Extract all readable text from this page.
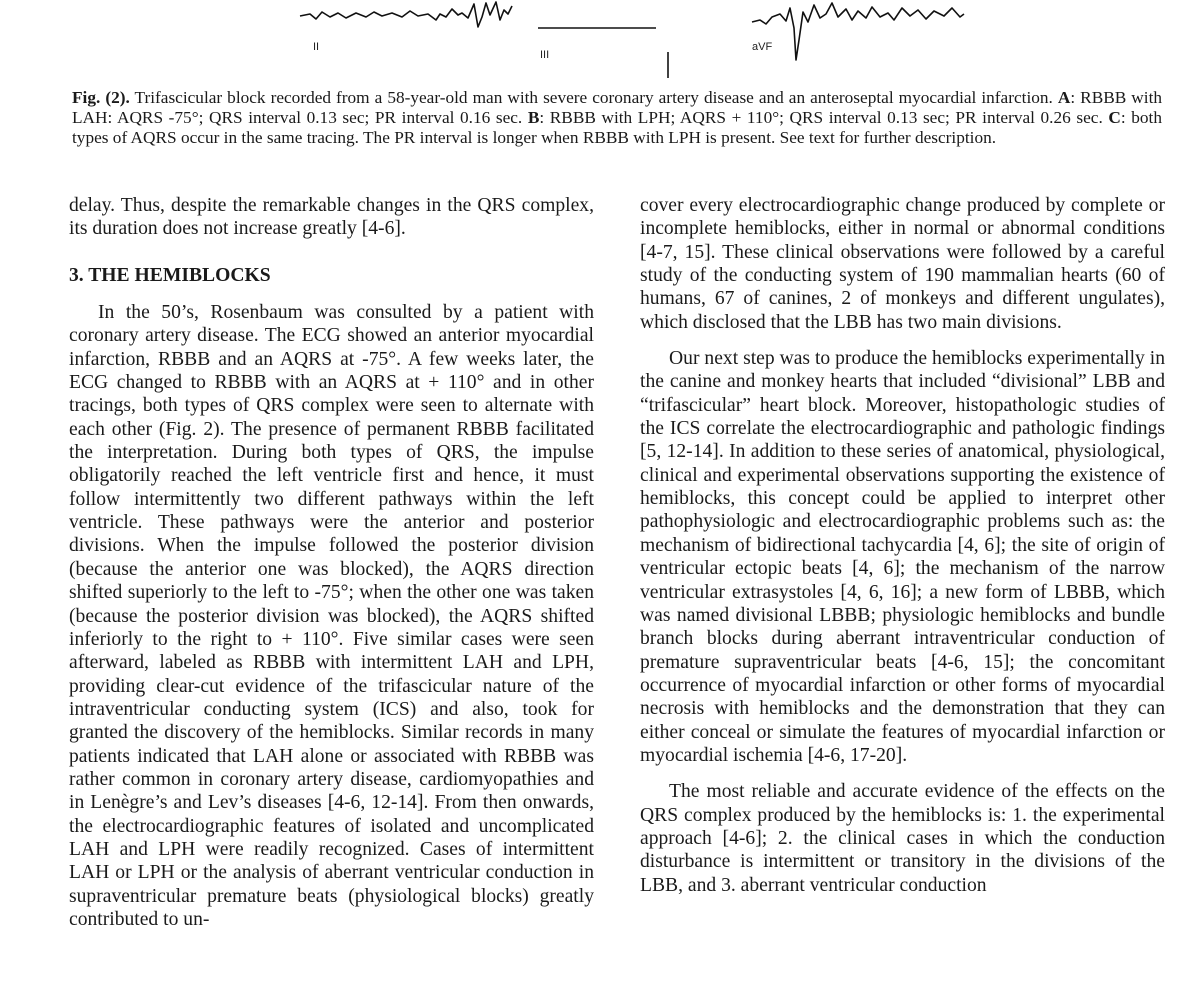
II
III
aVF
Fig. (2). Trifascicular block recorded from a 58-year-old man with severe coronary artery disease and an anteroseptal myocardial infarction. A: RBBB with LAH: AQRS -75°; QRS interval 0.13 sec; PR interval 0.16 sec. B: RBBB with LPH; AQRS + 110°; QRS interval 0.13 sec; PR interval 0.26 sec. C: both types of AQRS occur in the same tracing. The PR interval is longer when RBBB with LPH is present. See text for further description.

delay. Thus, despite the remarkable changes in the QRS complex, its duration does not increase greatly [4-6].

3. THE HEMIBLOCKS

In the 50’s, Rosenbaum was consulted by a patient with coronary artery disease. The ECG showed an anterior myocardial infarction, RBBB and an AQRS at -75°. A few weeks later, the ECG changed to RBBB with an AQRS at + 110° and in other tracings, both types of QRS complex were seen to alternate with each other (Fig. 2). The presence of permanent RBBB facilitated the interpretation. During both types of QRS, the impulse obligatorily reached the left ventricle first and hence, it must follow intermittently two different pathways within the left ventricle. These pathways were the anterior and posterior divisions. When the impulse followed the posterior division (because the anterior one was blocked), the AQRS direction shifted superiorly to the left to -75°; when the other one was taken (because the posterior division was blocked), the AQRS shifted inferiorly to the right to + 110°. Five similar cases were seen afterward, labeled as RBBB with intermittent LAH and LPH, providing clear-cut evidence of the trifascicular nature of the intraventricular conducting system (ICS) and also, took for granted the discovery of the hemiblocks. Similar records in many patients indicated that LAH alone or associated with RBBB was rather common in coronary artery disease, cardiomyopathies and in Lenègre’s and Lev’s diseases [4-6, 12-14]. From then onwards, the electrocardiographic features of isolated and uncomplicated LAH and LPH were readily recognized. Cases of intermittent LAH or LPH or the analysis of aberrant ventricular conduction in supraventricular premature beats (physiological blocks) greatly contributed to un-

cover every electrocardiographic change produced by complete or incomplete hemiblocks, either in normal or abnormal conditions [4-7, 15]. These clinical observations were followed by a careful study of the conducting system of 190 mammalian hearts (60 of humans, 67 of canines, 2 of monkeys and different ungulates), which disclosed that the LBB has two main divisions.

Our next step was to produce the hemiblocks experimentally in the canine and monkey hearts that included “divisional” LBB and “trifascicular” heart block. Moreover, histopathologic studies of the ICS correlate the electrocardiographic and pathologic findings [5, 12-14]. In addition to these series of anatomical, physiological, clinical and experimental observations supporting the existence of hemiblocks, this concept could be applied to interpret other pathophysiologic and electrocardiographic problems such as: the mechanism of bidirectional tachycardia [4, 6]; the site of origin of ventricular ectopic beats [4, 6]; the mechanism of the narrow ventricular extrasystoles [4, 6, 16]; a new form of LBBB, which was named divisional LBBB; physiologic hemiblocks and bundle branch blocks during aberrant intraventricular conduction of premature supraventricular beats [4-6, 15]; the concomitant occurrence of myocardial infarction or other forms of myocardial necrosis with hemiblocks and the demonstration that they can either conceal or simulate the features of myocardial infarction or myocardial ischemia [4-6, 17-20].

The most reliable and accurate evidence of the effects on the QRS complex produced by the hemiblocks is: 1. the experimental approach [4-6]; 2. the clinical cases in which the conduction disturbance is intermittent or transitory in the divisions of the LBB, and 3. aberrant ventricular conduction
